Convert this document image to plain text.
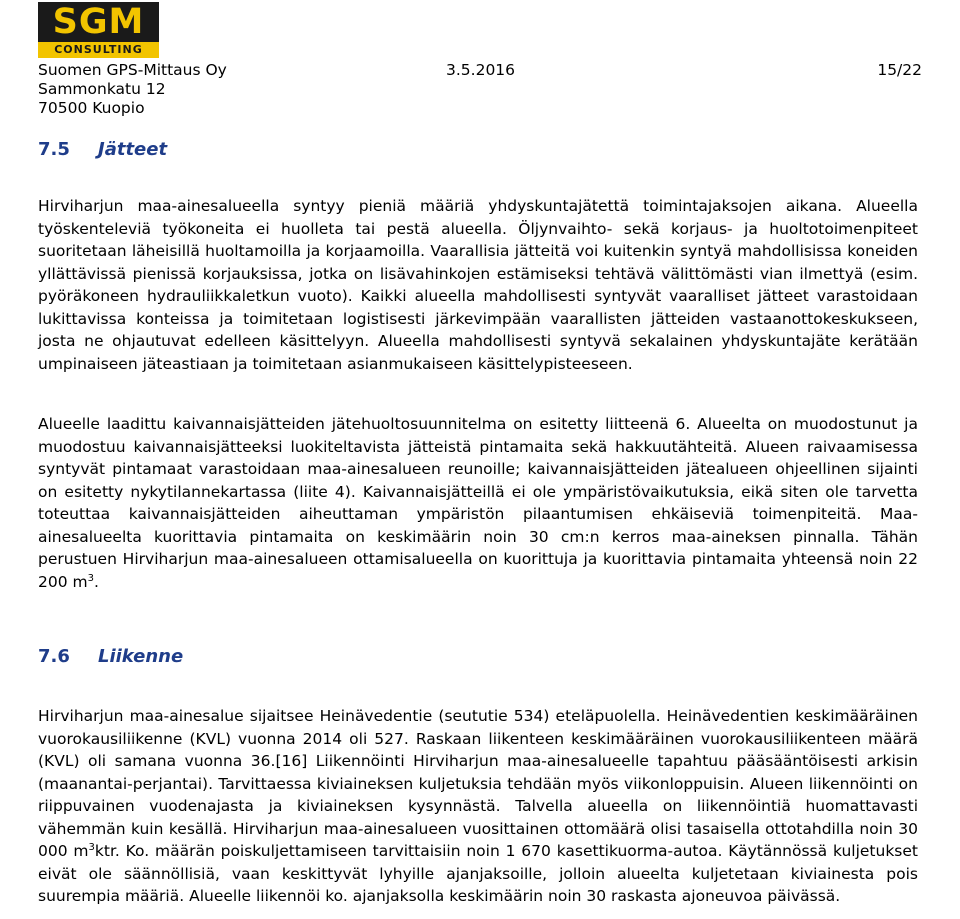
SGM
CONSULTING
Suomen GPS-Mittaus Oy
Sammonkatu 12
70500 Kuopio
3.5.2016	15/22
7.5 Jätteet
Hirviharjun maa-ainesalueella syntyy pieniä määriä yhdyskuntajätettä toimintajaksojen aikana. Alueella työskenteleviä työkoneita ei huolleta tai pestä alueella. Öljynvaihto- sekä korjaus- ja huoltotoimenpiteet suoritetaan läheisillä huoltamoilla ja korjaamoilla. Vaarallisia jätteitä voi kuitenkin syntyä mahdollisissa koneiden yllättävissä pienissä korjauksissa, jotka on lisävahinkojen estämiseksi tehtävä välittömästi vian ilmettyä (esim. pyöräkoneen hydrauliikkaletkun vuoto). Kaikki alueella mahdollisesti syntyvät vaaralliset jätteet varastoidaan lukittavissa konteissa ja toimitetaan logistisesti järkevimpään vaarallisten jätteiden vastaanottokeskukseen, josta ne ohjautuvat edelleen käsittelyyn. Alueella mahdollisesti syntyvä sekalainen yhdyskuntajäte kerätään umpinaiseen jäteastiaan ja toimitetaan asianmukaiseen käsittelypisteeseen.
Alueelle laadittu kaivannaisjätteiden jätehuoltosuunnitelma on esitetty liitteenä 6. Alueelta on muodostunut ja muodostuu kaivannaisjätteeksi luokiteltavista jätteistä pintamaita sekä hakkuutähteitä. Alueen raivaamisessa syntyvät pintamaat varastoidaan maa-ainesalueen reunoille; kaivannaisjätteiden jätealueen ohjeellinen sijainti on esitetty nykytilannekartassa (liite 4). Kaivannaisjätteillä ei ole ympäristövaikutuksia, eikä siten ole tarvetta toteuttaa kaivannaisjätteiden aiheuttaman ympäristön pilaantumisen ehkäiseviä toimenpiteitä. Maa-ainesalueelta kuorittavia pintamaita on keskimäärin noin 30 cm:n kerros maa-aineksen pinnalla. Tähän perustuen Hirviharjun maa-ainesalueen ottamisalueella on kuorittuja ja kuorittavia pintamaita yhteensä noin 22 200 $m^3$.
7.6 Liikenne
Hirviharjun maa-ainesalue sijaitsee Heinävedentie (seututie 534) eteläpuolella. Heinävedentien keskimääräinen vuorokausiliikenne (KVL) vuonna 2014 oli 527. Raskaan liikenteen keskimääräinen vuorokausiliikenteen määrä (KVL) oli samana vuonna 36.[16] Liikennöinti Hirviharjun maa-ainesalueelle tapahtuu pääsääntöisesti arkisin (maanantai-perjantai). Tarvittaessa kiviaineksen kuljetuksia tehdään myös viikonloppuisin. Alueen liikennöinti on riippuvainen vuodenajasta ja kiviaineksen kysynnästä. Talvella alueella on liikennöintiä huomattavasti vähemmän kuin kesällä. Hirviharjun maa-ainesalueen vuosittainen ottomäärä olisi tasaisella ottotahdilla noin 30 000 $m^3ktr$. Ko. määrän poiskuljettamiseen tarvittaisiin noin 1 670 kasettikuorma-autoa. Käytännössä kuljetukset eivät ole säännöllisiä, vaan keskittyvät lyhyille ajanjaksoille, jolloin alueelta kuljetetaan kiviainesta pois suurempia määriä. Alueelle liikennöi ko. ajanjaksolla keskimäärin noin 30 raskasta ajoneuvoa päivässä.
